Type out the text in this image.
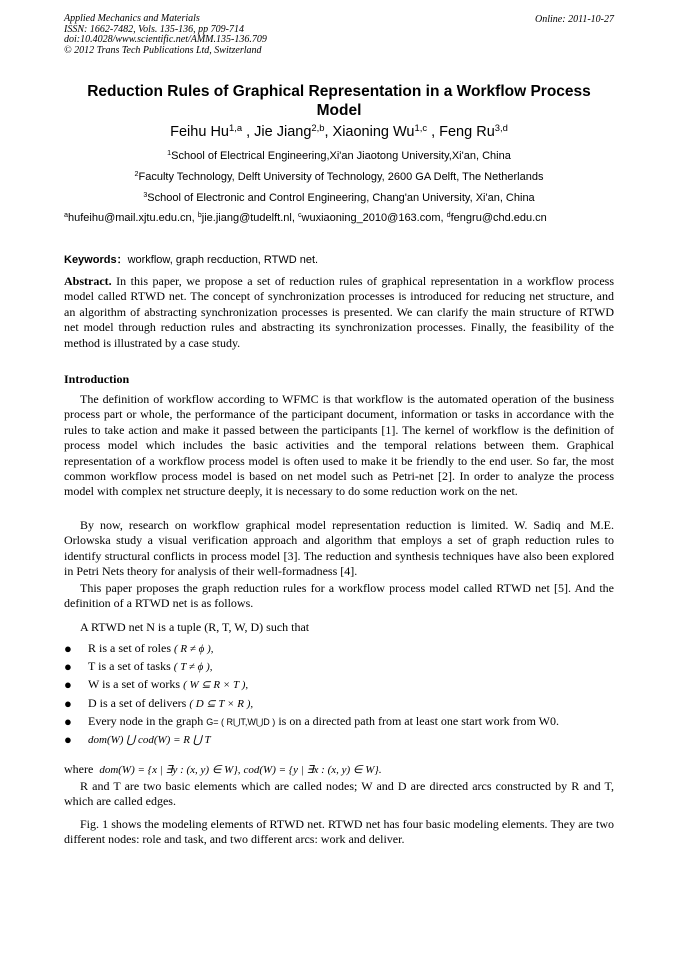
Applied Mechanics and Materials
ISSN: 1662-7482, Vols. 135-136, pp 709-714
doi:10.4028/www.scientific.net/AMM.135-136.709
© 2012 Trans Tech Publications Ltd, Switzerland
Online: 2011-10-27
Reduction Rules of Graphical Representation in a Workflow Process Model
Feihu Hu$^{1,a}$ , Jie Jiang$^{2,b}$, Xiaoning Wu$^{1,c}$ , Feng Ru$^{3,d}$
$^1$School of Electrical Engineering,Xi'an Jiaotong University,Xi'an, China
$^2$Faculty Technology, Delft University of Technology, 2600 GA Delft, The Netherlands
$^3$School of Electronic and Control Engineering, Chang'an University, Xi'an, China
$^a$hufeihu@mail.xjtu.edu.cn, $^b$jie.jiang@tudelft.nl, $^c$wuxiaoning_2010@163.com, $^d$fengru@chd.edu.cn
Keywords：workflow, graph recduction, RTWD net.
Abstract. In this paper, we propose a set of reduction rules of graphical representation in a workflow process model called RTWD net. The concept of synchronization processes is introduced for reducing net structure, and an algorithm of abstracting synchronization processes is presented. We can clarify the main structure of RTWD net model through reduction rules and abstracting its synchronization processes. Finally, the feasibility of the method is illustrated by a case study.
Introduction
The definition of workflow according to WFMC is that workflow is the automated operation of the business process part or whole, the performance of the participant document, information or tasks in accordance with the rules to take action and make it passed between the participants [1]. The kernel of workflow is the definition of process model which includes the basic activities and the temporal relations between them. Graphical representation of a workflow process model is often used to make it be friendly to the end user. So far, the most common workflow process model is based on net model such as Petri-net [2]. In order to analyze the process model with complex net structure deeply, it is necessary to do some reduction work on the net.
By now, research on workflow graphical model representation reduction is limited. W. Sadiq and M.E. Orlowska study a visual verification approach and algorithm that employs a set of graph reduction rules to identify structural conflicts in process model [3]. The reduction and synthesis techniques have also been explored in Petri Nets theory for analysis of their well-formadness [4].
This paper proposes the graph reduction rules for a workflow process model called RTWD net [5]. And the definition of a RTWD net is as follows.
A RTWD net N is a tuple (R, T, W, D) such that
● R is a set of roles ( R ≠ ϕ ),
● T is a set of tasks ( T ≠ ϕ ),
● W is a set of works ( W ⊆ R × T ),
● D is a set of delivers ( D ⊆ T × R ),
● Every node in the graph G= ( R⋃T,W⋃D ) is on a directed path from at least one start work from W0.
● dom(W) ⋃ cod(W) = R ⋃ T
where dom(W) = {x | ∃y : (x, y) ∈ W}, cod(W) = {y | ∃x : (x, y) ∈ W}.
R and T are two basic elements which are called nodes; W and D are directed arcs constructed by R and T, which are called edges.
Fig. 1 shows the modeling elements of RTWD net. RTWD net has four basic modeling elements. They are two different nodes: role and task, and two different arcs: work and deliver.
